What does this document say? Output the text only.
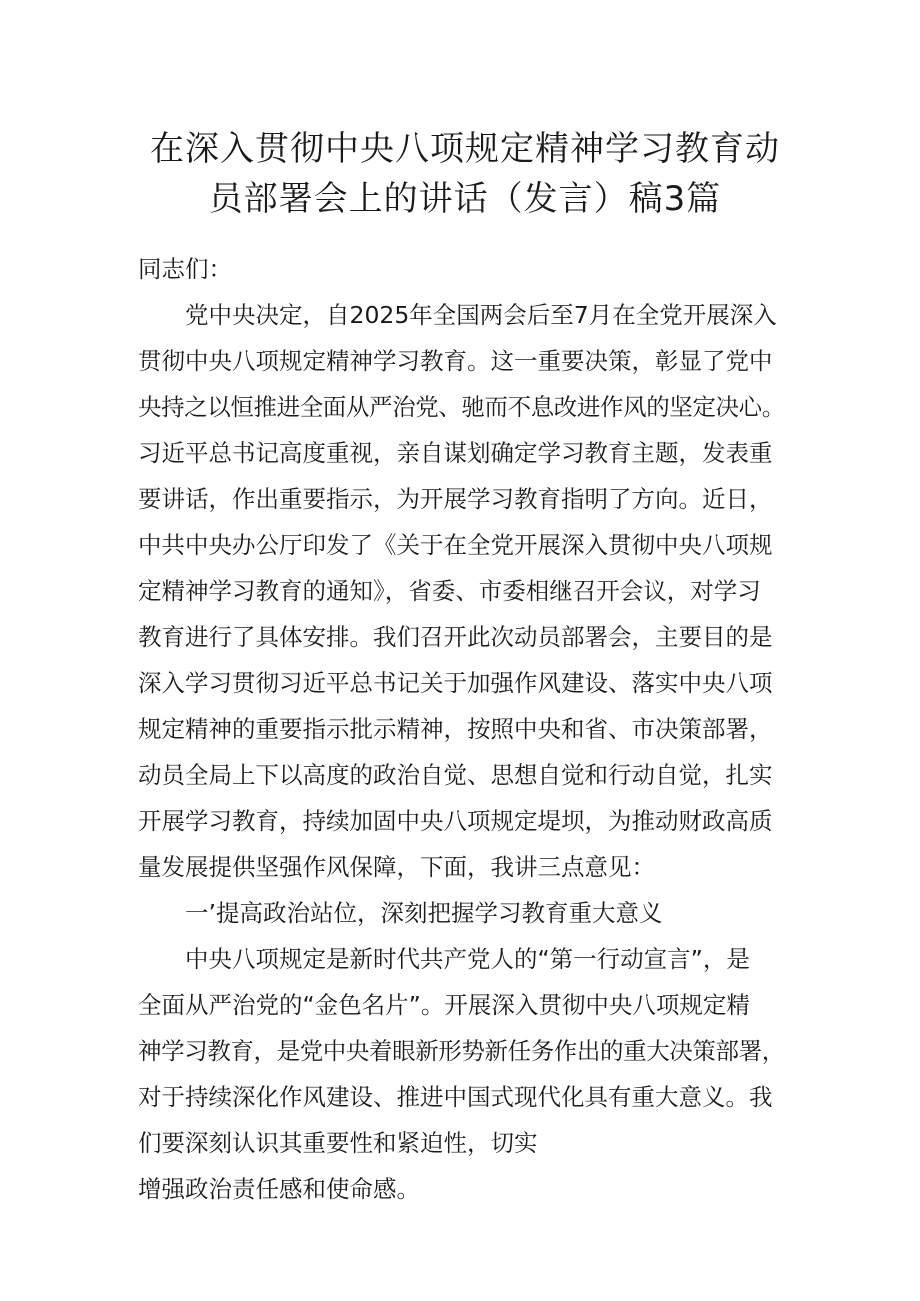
在深入贯彻中央八项规定精神学习教育动
员部署会上的讲话（发言）稿3篇
同志们：
党中央决定，自2025年全国两会后至7月在全党开展深入
贯彻中央八项规定精神学习教育。这一重要决策，彰显了党中
央持之以恒推进全面从严治党、驰而不息改进作风的坚定决心。
习近平总书记高度重视，亲自谋划确定学习教育主题，发表重
要讲话，作出重要指示，为开展学习教育指明了方向。近日，
中共中央办公厅印发了《关于在全党开展深入贯彻中央八项规
定精神学习教育的通知》，省委、市委相继召开会议，对学习
教育进行了具体安排。我们召开此次动员部署会，主要目的是
深入学习贯彻习近平总书记关于加强作风建设、落实中央八项
规定精神的重要指示批示精神，按照中央和省、市决策部署，
动员全局上下以高度的政治自觉、思想自觉和行动自觉，扎实
开展学习教育，持续加固中央八项规定堤坝，为推动财政高质
量发展提供坚强作风保障，下面，我讲三点意见：
一’提高政治站位，深刻把握学习教育重大意义
中央八项规定是新时代共产党人的“第一行动宣言”，是
全面从严治党的“金色名片”。开展深入贯彻中央八项规定精
神学习教育，是党中央着眼新形势新任务作出的重大决策部署，
对于持续深化作风建设、推进中国式现代化具有重大意义。我
们要深刻认识其重要性和紧迫性，切实
增强政治责任感和使命感。
